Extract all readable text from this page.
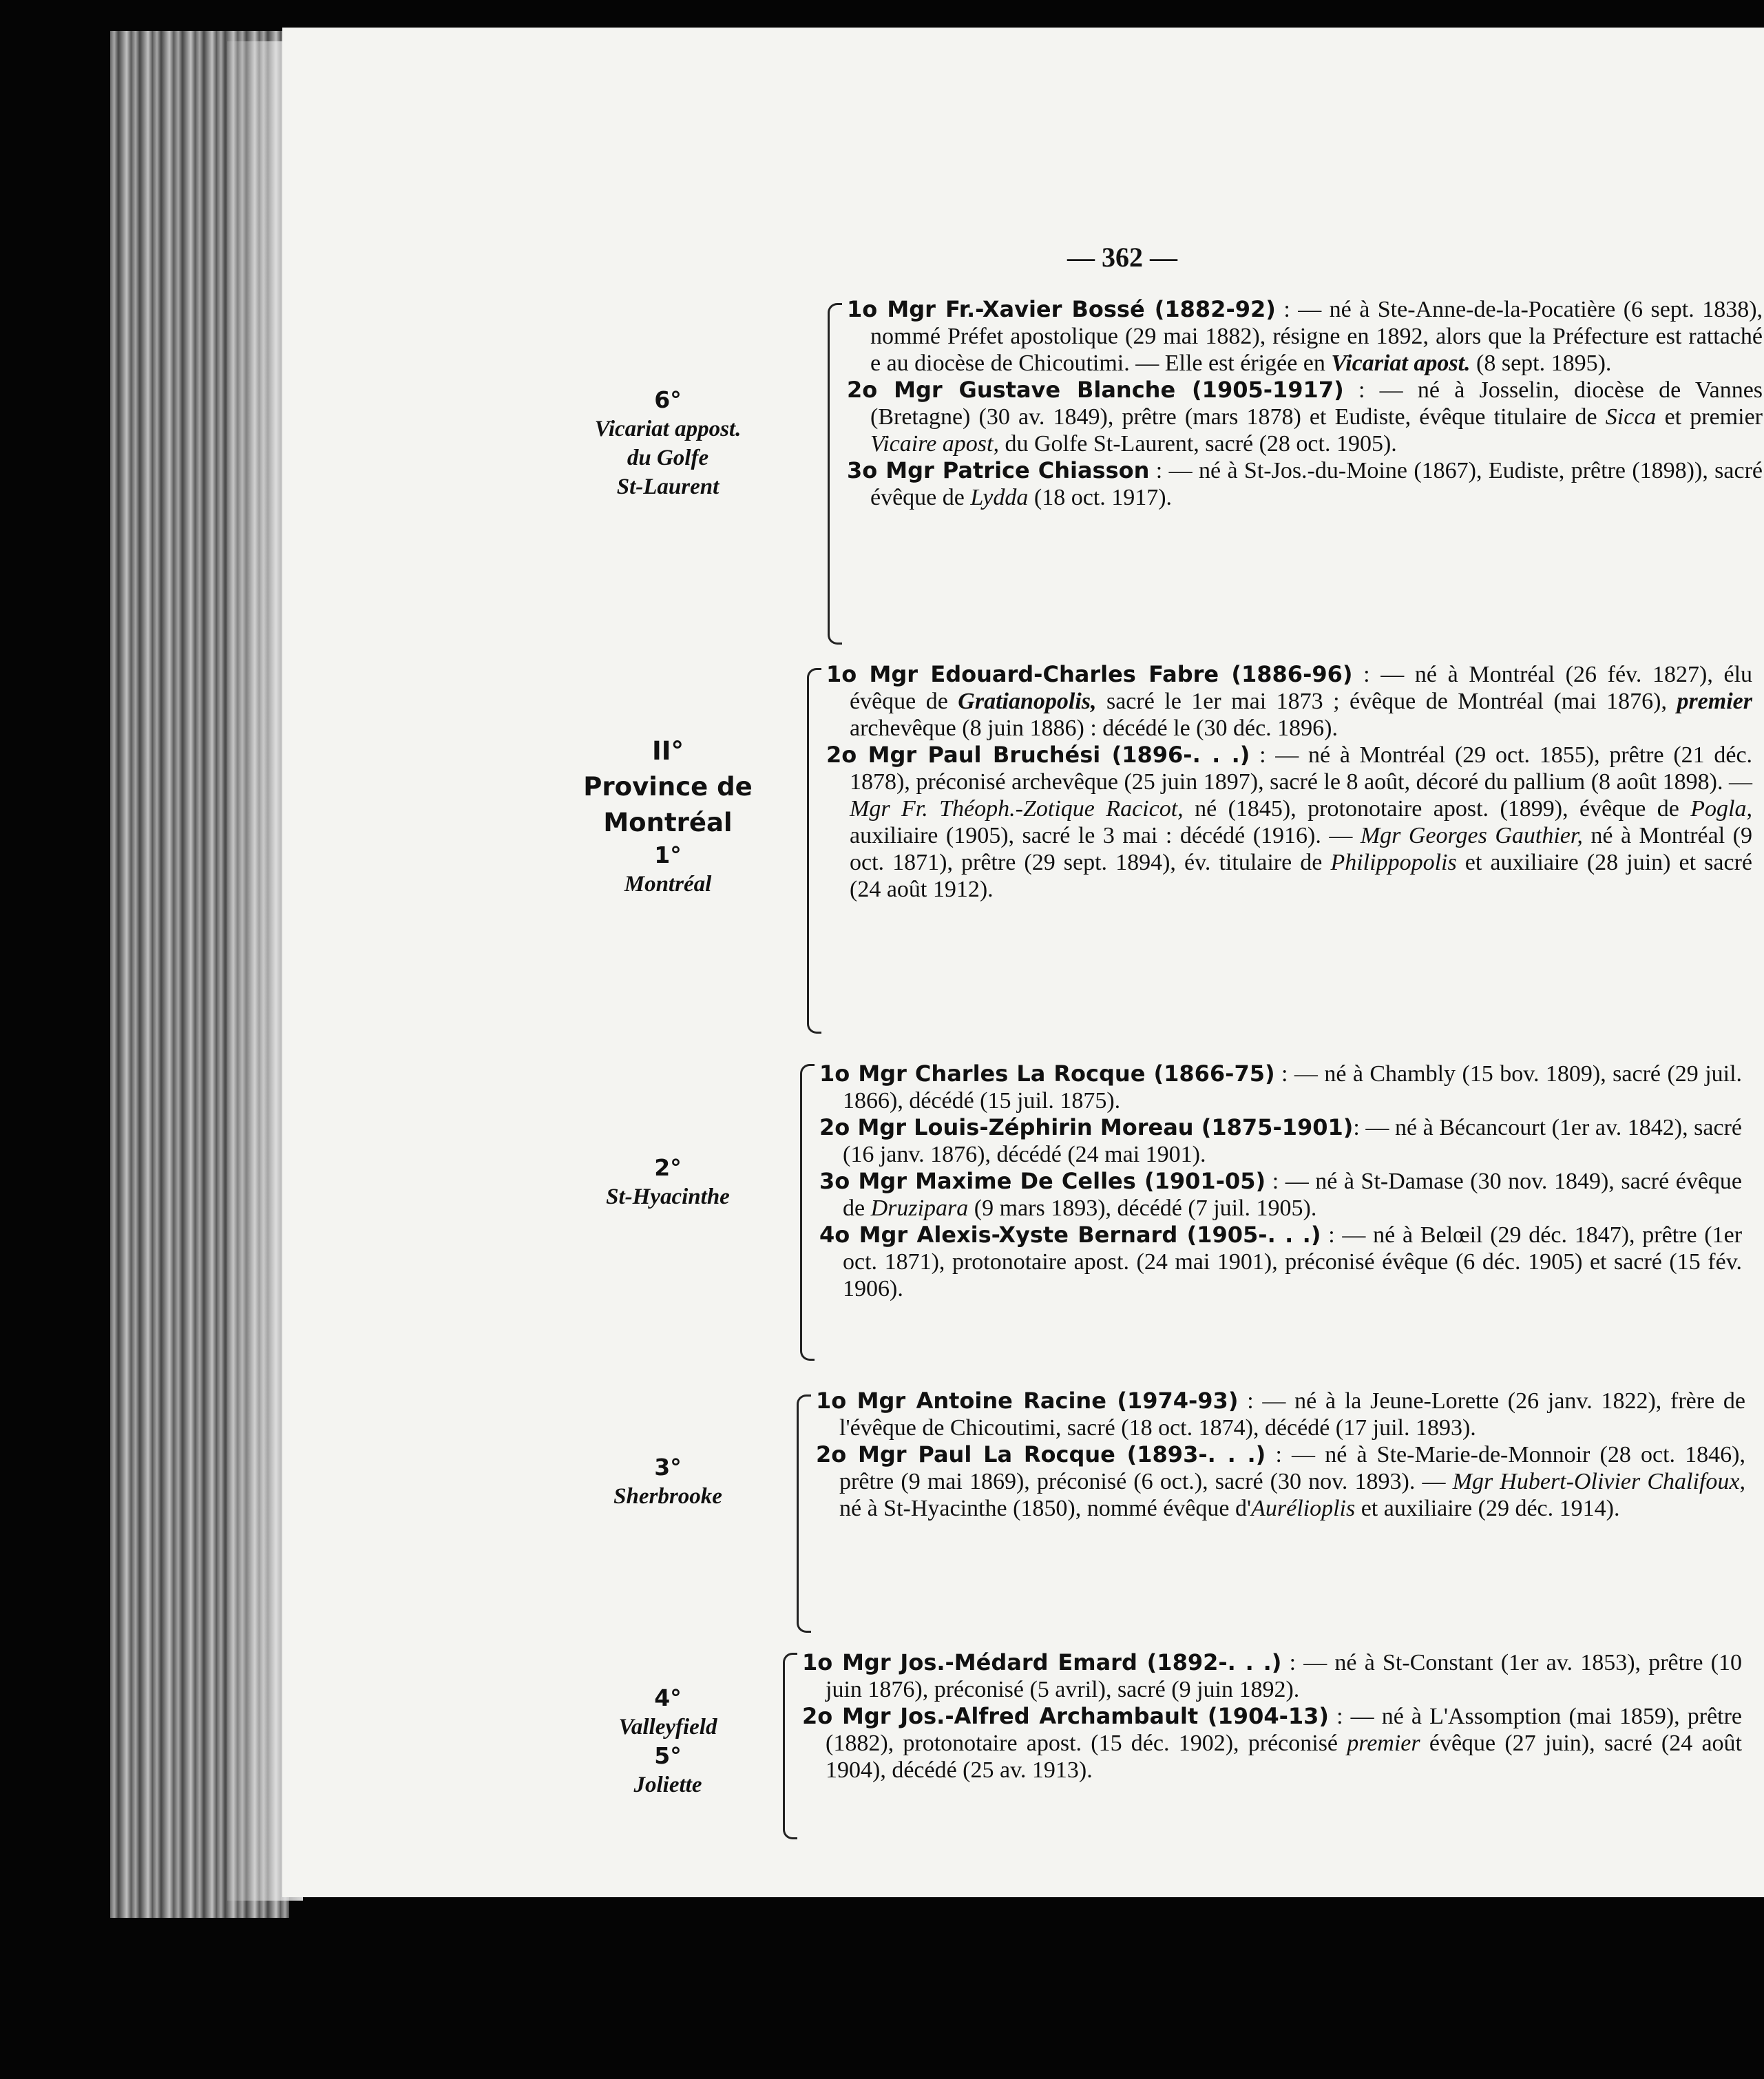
— 362 —
6°
Vicariat appost.
du Golfe
St-Laurent

1o Mgr Fr.-Xavier Bossé (1882-92) : — né à Ste-Anne-de-la-Pocatière (6 sept. 1838), nommé Préfet apostolique (29 mai 1882), résigne en 1892, alors que la Préfecture est rattaché e au diocèse de Chicoutimi. — Elle est érigée en Vicariat apost. (8 sept. 1895).

2o Mgr Gustave Blanche (1905-1917) : — né à Josselin, diocèse de Vannes (Bretagne) (30 av. 1849), prêtre (mars 1878) et Eudiste, évêque titulaire de Sicca et premier Vicaire apost, du Golfe St-Laurent, sacré (28 oct. 1905).

3o Mgr Patrice Chiasson : — né à St-Jos.-du-Moine (1867), Eudiste, prêtre (1898)), sacré évêque de Lydda (18 oct. 1917).

II°
Province de
Montréal
1°
Montréal

1o Mgr Edouard-Charles Fabre (1886-96) : — né à Montréal (26 fév. 1827), élu évêque de Gratianopolis, sacré le 1er mai 1873 ; évêque de Montréal (mai 1876), premier archevêque (8 juin 1886) : décédé le (30 déc. 1896).

2o Mgr Paul Bruchési (1896-. . .) : — né à Montréal (29 oct. 1855), prêtre (21 déc. 1878), préconisé archevêque (25 juin 1897), sacré le 8 août, décoré du pallium (8 août 1898). — Mgr Fr. Théoph.-Zotique Racicot, né (1845), protonotaire apost. (1899), évêque de Pogla, auxiliaire (1905), sacré le 3 mai : décédé (1916). — Mgr Georges Gauthier, né à Montréal (9 oct. 1871), prêtre (29 sept. 1894), év. titulaire de Philippopolis et auxiliaire (28 juin) et sacré (24 août 1912).

2°
St-Hyacinthe

1o Mgr Charles La Rocque (1866-75) : — né à Chambly (15 bov. 1809), sacré (29 juil. 1866), décédé (15 juil. 1875).

2o Mgr Louis-Zéphirin Moreau (1875-1901): — né à Bécancourt (1er av. 1842), sacré (16 janv. 1876), décédé (24 mai 1901).

3o Mgr Maxime De Celles (1901-05) : — né à St-Damase (30 nov. 1849), sacré évêque de Druzipara (9 mars 1893), décédé (7 juil. 1905).

4o Mgr Alexis-Xyste Bernard (1905-. . .) : — né à Belœil (29 déc. 1847), prêtre (1er oct. 1871), protonotaire apost. (24 mai 1901), préconisé évêque (6 déc. 1905) et sacré (15 fév. 1906).

3°
Sherbrooke

1o Mgr Antoine Racine (1974-93) : — né à la Jeune-Lorette (26 janv. 1822), frère de l'évêque de Chicoutimi, sacré (18 oct. 1874), décédé (17 juil. 1893).

2o Mgr Paul La Rocque (1893-. . .) : — né à Ste-Marie-de-Monnoir (28 oct. 1846), prêtre (9 mai 1869), préconisé (6 oct.), sacré (30 nov. 1893). — Mgr Hubert-Olivier Chalifoux, né à St-Hyacinthe (1850), nommé évêque d'Aurélioplis et auxiliaire (29 déc. 1914).

4°
Valleyfield
5°
Joliette

1o Mgr Jos.-Médard Emard (1892-. . .) : — né à St-Constant (1er av. 1853), prêtre (10 juin 1876), préconisé (5 avril), sacré (9 juin 1892).

2o Mgr Jos.-Alfred Archambault (1904-13) : — né à L'Assomption (mai 1859), prêtre (1882), protonotaire apost. (15 déc. 1902), préconisé premier évêque (27 juin), sacré (24 août 1904), décédé (25 av. 1913).
